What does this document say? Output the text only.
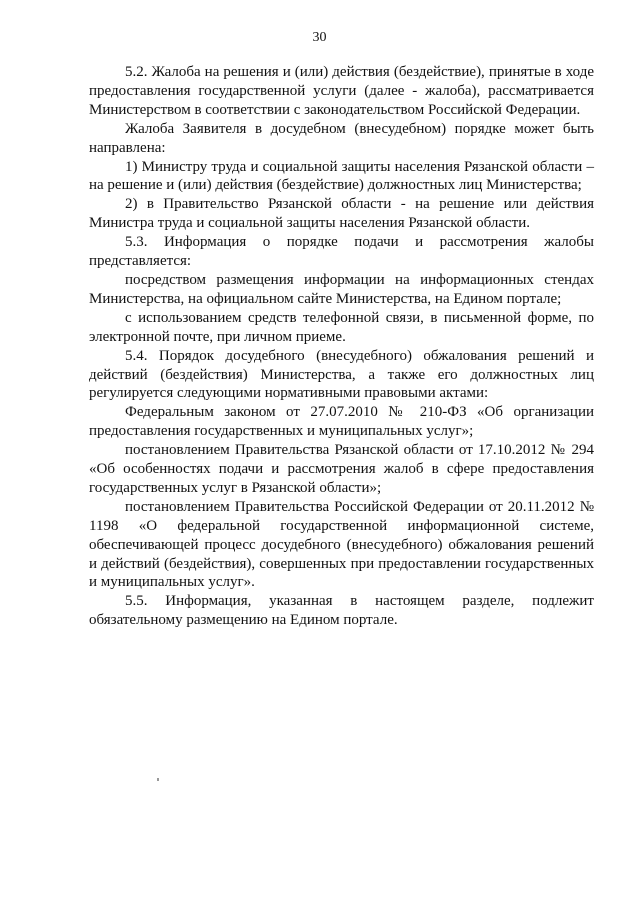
30

5.2. Жалоба на решения и (или) действия (бездействие), принятые в ходе предоставления государственной услуги (далее - жалоба), рассматривается Министерством в соответствии с законодательством Российской Федерации.

Жалоба Заявителя в досудебном (внесудебном) порядке может быть направлена:

1) Министру труда и социальной защиты населения Рязанской области – на решение и (или) действия (бездействие) должностных лиц Министерства;

2) в Правительство Рязанской области - на решение или действия Министра труда и социальной защиты населения Рязанской области.

5.3. Информация о порядке подачи и рассмотрения жалобы представляется:

посредством размещения информации на информационных стендах Министерства, на официальном сайте Министерства, на Едином портале;

с использованием средств телефонной связи, в письменной форме, по электронной почте, при личном приеме.

5.4. Порядок досудебного (внесудебного) обжалования решений и действий (бездействия) Министерства, а также его должностных лиц регулируется следующими нормативными правовыми актами:

Федеральным законом от 27.07.2010 № 210-ФЗ «Об организации предоставления государственных и муниципальных услуг»;

постановлением Правительства Рязанской области от 17.10.2012 № 294 «Об особенностях подачи и рассмотрения жалоб в сфере предоставления государственных услуг в Рязанской области»;

постановлением Правительства Российской Федерации от 20.11.2012 № 1198 «О федеральной государственной информационной системе, обеспечивающей процесс досудебного (внесудебного) обжалования решений и действий (бездействия), совершенных при предоставлении государственных и муниципальных услуг».

5.5. Информация, указанная в настоящем разделе, подлежит обязательному размещению на Едином портале.
